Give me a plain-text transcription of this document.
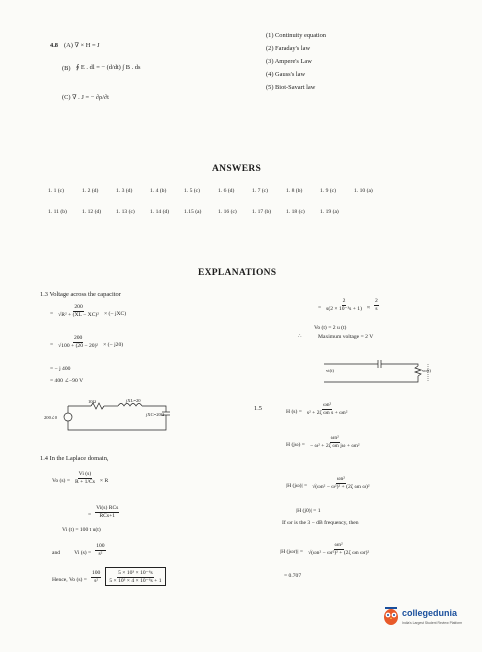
4.8 (A) ∇ × H = J
(B) ∮ E . dl = − (d/dt) ∫ B . ds
(C) ∇ . J = − ∂ρ/∂t
(1) Continuity equation
(2) Faraday's law
(3) Ampere's Law
(4) Gauss's law
(5) Biot-Savart law
ANSWERS
1. 1 (c)	1. 2 (d)	1. 3 (d)	1. 4 (b)	1. 5 (c)	1. 6 (d)	1. 7 (c)	1. 8 (b)	1. 9 (c)	1. 10 (a)
1. 11 (b)	1. 12 (d)	1. 13 (c)	1. 14 (d)	1.15 (a)	1. 16 (c)	1. 17 (b)	1. 18 (c)	1. 19 (a)
EXPLANATIONS
1.3 Voltage across the capacitor
= $\frac{200}{\text{√R² + (XL − XC)²}}$ × (− jXC)
= $\frac{200}{\text{√100 + (20 − 20)²}}$ × (− j20)
= − j 400
= 400 ∠−90 V
10Ω	jXL=20
jXC=20Ω
200∠0
1.4 In the Laplace domain,
Vo $(s) = \frac{Vi (s)}{R + 1/Cs} \times R$
= $\frac{\text{Vi(s) RCs}}{\text{RCs+1}}$
Vi (t) = 100 t u(t)
and	Vi $(s) = \frac{100}{\text{s²}}$
Hence, Vo $(s) = \frac{100}{\text{s²}}$
$\frac{\text{5 × 10³ × 10⁻⁶s}}{\text{5 × 10³ × 4 × 10⁻⁶s + 1}}$
= $\frac{2}{\text{s(2 × 10⁻³s + 1)}} \approx \frac{2}{s}$
Vo (t) = 2 u (t)
∴	Maximum voltage = 2 V
vi(t)	vo(t)
1.5	H $(s) = \frac{\text{ωn²}}{\text{s² + 2ζ ωn s + ωn²}}$
H $(j\omega) = \frac{\text{ωn²}}{\text{− ω² + 2ζ ωn jω + ωn²}}$
|H $(j\omega)| = \frac{\text{ωn²}}{\text{√(ωn² − ω²)² + (2ζ ωn ω)²}}$
|H (j0)| = 1
If ωr is the 3 − dB frequency, then
|H $(j\omega r)| = \frac{\text{ωn²}}{\text{√(ωn² − ωr²)² + (2ζ ωn ωr)²}}$
= 0.707
collegedunia
India's Largest Student Review Platform
